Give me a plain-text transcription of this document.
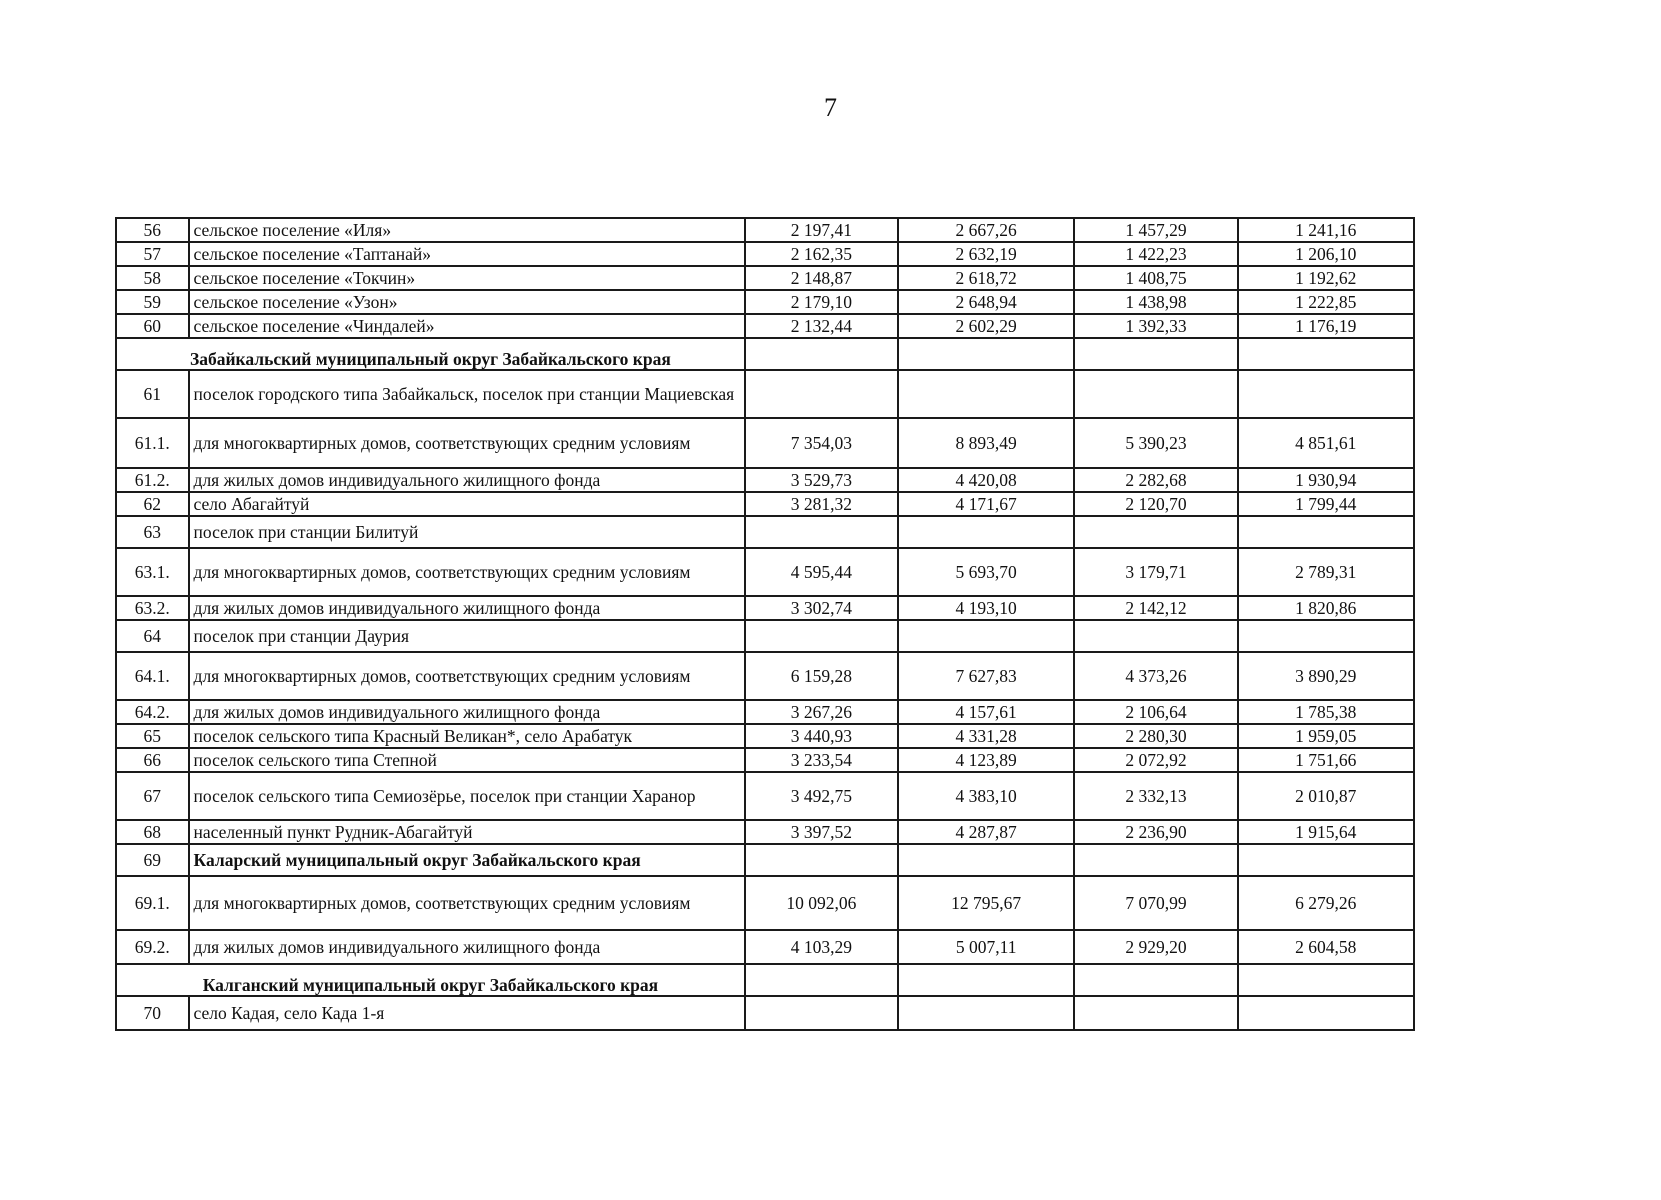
7
56	сельское поселение «Иля»	2 197,41	2 667,26	1 457,29	1 241,16
57	сельское поселение «Таптанай»	2 162,35	2 632,19	1 422,23	1 206,10
58	сельское поселение «Токчин»	2 148,87	2 618,72	1 408,75	1 192,62
59	сельское поселение «Узон»	2 179,10	2 648,94	1 438,98	1 222,85
60	сельское поселение «Чиндалей»	2 132,44	2 602,29	1 392,33	1 176,19
Забайкальский муниципальный округ Забайкальского края					
61	поселок городского типа Забайкальск, поселок при станции Мациевская				
61.1.	для многоквартирных домов, соответствующих средним условиям	7 354,03	8 893,49	5 390,23	4 851,61
61.2.	для жилых домов индивидуального жилищного фонда	3 529,73	4 420,08	2 282,68	1 930,94
62	село Абагайтуй	3 281,32	4 171,67	2 120,70	1 799,44
63	поселок при станции Билитуй				
63.1.	для многоквартирных домов, соответствующих средним условиям	4 595,44	5 693,70	3 179,71	2 789,31
63.2.	для жилых домов индивидуального жилищного фонда	3 302,74	4 193,10	2 142,12	1 820,86
64	поселок при станции Даурия				
64.1.	для многоквартирных домов, соответствующих средним условиям	6 159,28	7 627,83	4 373,26	3 890,29
64.2.	для жилых домов индивидуального жилищного фонда	3 267,26	4 157,61	2 106,64	1 785,38
65	поселок сельского типа Красный Великан*, село Арабатук	3 440,93	4 331,28	2 280,30	1 959,05
66	поселок сельского типа Степной	3 233,54	4 123,89	2 072,92	1 751,66
67	поселок сельского типа Семиозёрье, поселок при станции Харанор	3 492,75	4 383,10	2 332,13	2 010,87
68	населенный пункт Рудник-Абагайтуй	3 397,52	4 287,87	2 236,90	1 915,64
69	Каларский муниципальный округ Забайкальского края				
69.1.	для многоквартирных домов, соответствующих средним условиям	10 092,06	12 795,67	7 070,99	6 279,26
69.2.	для жилых домов индивидуального жилищного фонда	4 103,29	5 007,11	2 929,20	2 604,58
Калганский муниципальный округ Забайкальского края					
70	село Кадая, село Када 1-я				
